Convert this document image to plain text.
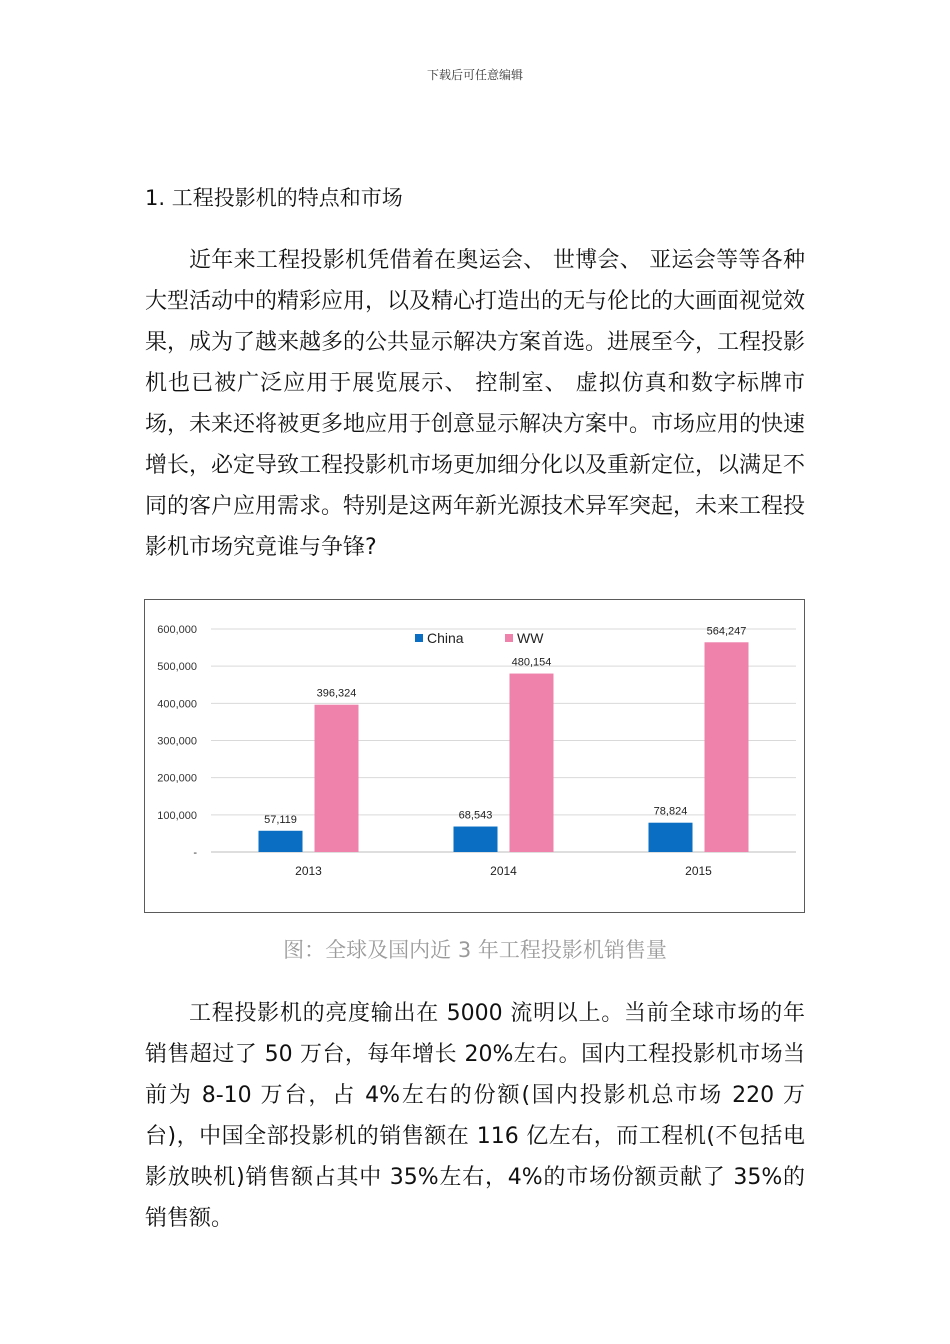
下载后可任意编辑

1. 工程投影机的特点和市场

近年来工程投影机凭借着在奥运会、 世博会、 亚运会等等各种大型活动中的精彩应用，以及精心打造出的无与伦比的大画面视觉效果，成为了越来越多的公共显示解决方案首选。进展至今，工程投影机也已被广泛应用于展览展示、 控制室、 虚拟仿真和数字标牌市场，未来还将被更多地应用于创意显示解决方案中。市场应用的快速增长，必定导致工程投影机市场更加细分化以及重新定位，以满足不同的客户应用需求。特别是这两年新光源技术异军突起，未来工程投影机市场究竟谁与争锋?

-
100,000
200,000
300,000
400,000
500,000
600,000
57,119
396,324
2013
68,543
480,154
2014
78,824
564,247
2015
China	WW

图：全球及国内近 3 年工程投影机销售量

工程投影机的亮度输出在 5000 流明以上。当前全球市场的年销售超过了 50 万台，每年增长 20%左右。国内工程投影机市场当前为 8-10 万台，占 4%左右的份额(国内投影机总市场 220 万台)，中国全部投影机的销售额在 116 亿左右，而工程机(不包括电影放映机)销售额占其中 35%左右，4%的市场份额贡献了 35%的销售额。
